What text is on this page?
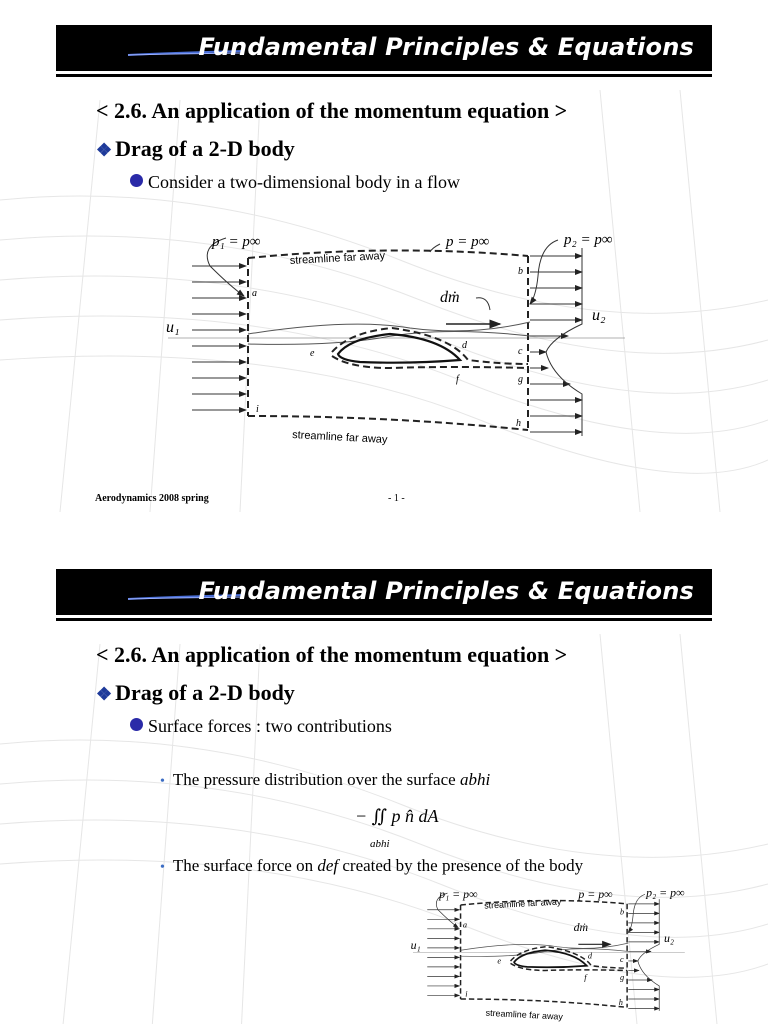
Fundamental Principles & Equations
< 2.6. An application of the momentum equation >
❖ Drag of a 2-D body
Consider a two-dimensional body in a flow
p₁ = p∞	p = p∞	p₂ = p∞
streamline far away
streamline far away
u₁
u₂
dṁ
a
b
c
d
e
f	g
h
i
Aerodynamics 2008 spring	- 1 -
Fundamental Principles & Equations
< 2.6. An application of the momentum equation >
❖ Drag of a 2-D body
Surface forces : two contributions
• The pressure distribution over the surface abhi
− ∬ p n̂ dA
abhi
• The surface force on def created by the presence of the body
p₁ = p∞	p = p∞ p₂ = p∞
streamline far away
streamline far away
u₁
u₂
dṁ
a
b
c
d
e
f g
h
i
